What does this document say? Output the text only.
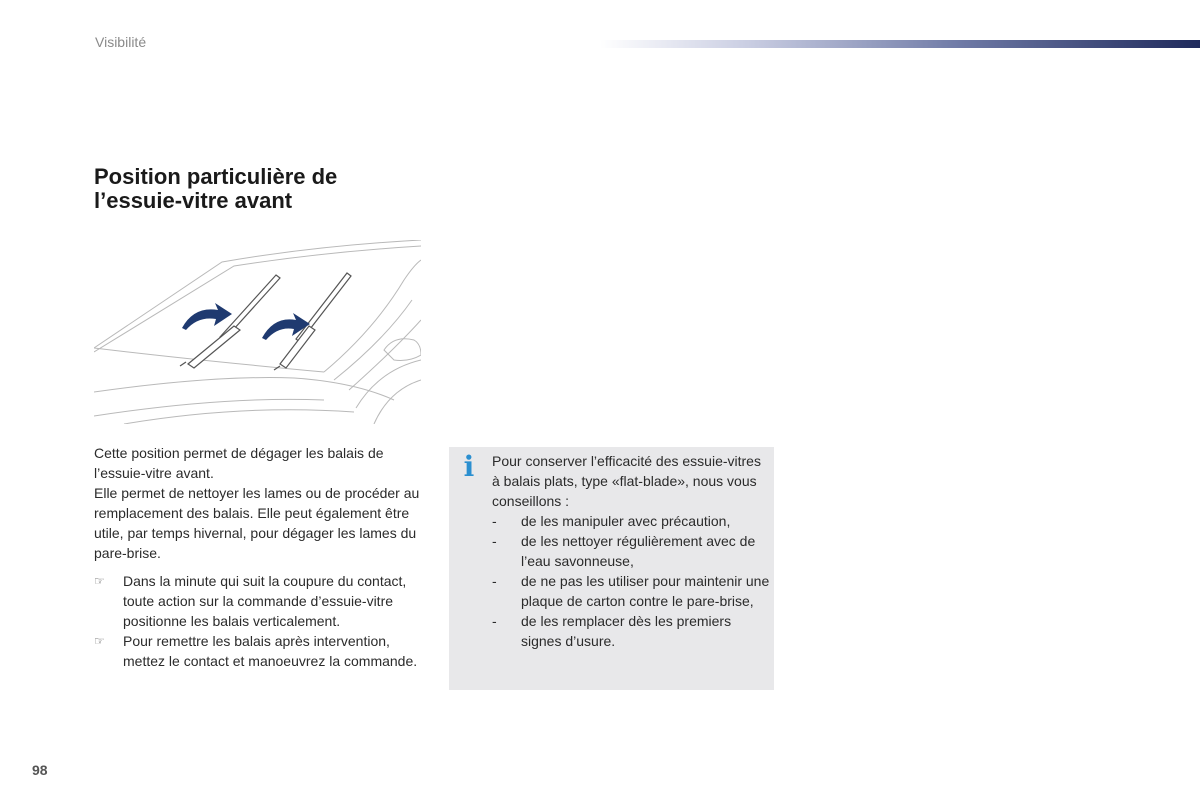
Visibilité
Position particulière de
l’essuie-vitre avant

Cette position permet de dégager les balais de l’essuie-vitre avant.

Elle permet de nettoyer les lames ou de procéder au remplacement des balais. Elle peut également être utile, par temps hivernal, pour dégager les lames du pare-brise.

☞ Dans la minute qui suit la coupure du contact, toute action sur la commande d’essuie-vitre positionne les balais verticalement.
☞ Pour remettre les balais après intervention, mettez le contact et manoeuvrez la commande.
i Pour conserver l’efficacité des essuie-vitres à balais plats, type «flat-blade», nous vous conseillons :

- de les manipuler avec précaution,
- de les nettoyer régulièrement avec de l’eau savonneuse,
- de ne pas les utiliser pour maintenir une plaque de carton contre le pare-brise,
- de les remplacer dès les premiers signes d’usure.
98
